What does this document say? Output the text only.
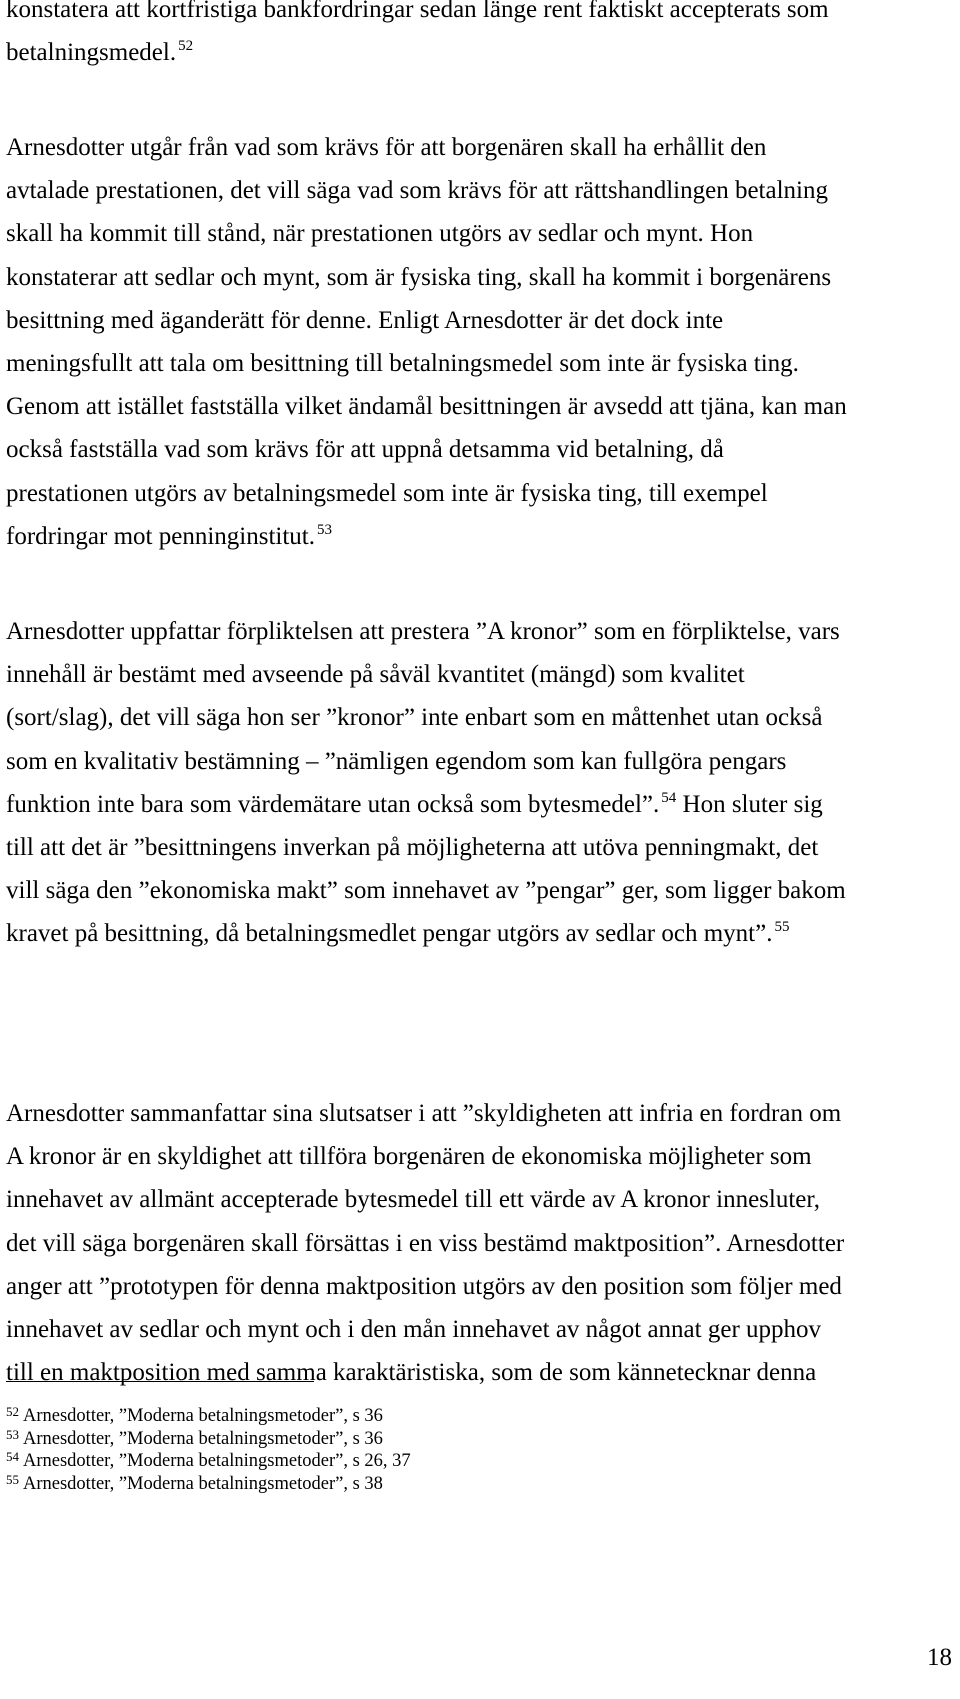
konstatera att kortfristiga bankfordringar sedan länge rent faktiskt accepterats som
betalningsmedel. $^{52}$
Arnesdotter utgår från vad som krävs för att borgenären skall ha erhållit den
avtalade prestationen, det vill säga vad som krävs för att rättshandlingen betalning
skall ha kommit till stånd, när prestationen utgörs av sedlar och mynt. Hon
konstaterar att sedlar och mynt, som är fysiska ting, skall ha kommit i borgenärens
besittning med äganderätt för denne. Enligt Arnesdotter är det dock inte
meningsfullt att tala om besittning till betalningsmedel som inte är fysiska ting.
Genom att istället fastställa vilket ändamål besittningen är avsedd att tjäna, kan man
också fastställa vad som krävs för att uppnå detsamma vid betalning, då
prestationen utgörs av betalningsmedel som inte är fysiska ting, till exempel
fordringar mot penninginstitut. $^{53}$
Arnesdotter uppfattar förpliktelsen att prestera ”A kronor” som en förpliktelse, vars
innehåll är bestämt med avseende på såväl kvantitet (mängd) som kvalitet
(sort/slag), det vill säga hon ser ”kronor” inte enbart som en måttenhet utan också
som en kvalitativ bestämning – ”nämligen egendom som kan fullgöra pengars
funktion inte bara som värdemätare utan också som bytesmedel”. $^{54}$ Hon sluter sig
till att det är ”besittningens inverkan på möjligheterna att utöva penningmakt, det
vill säga den ”ekonomiska makt” som innehavet av ”pengar” ger, som ligger bakom
kravet på besittning, då betalningsmedlet pengar utgörs av sedlar och mynt”. $^{55}$
Arnesdotter sammanfattar sina slutsatser i att ”skyldigheten att infria en fordran om
A kronor är en skyldighet att tillföra borgenären de ekonomiska möjligheter som
innehavet av allmänt accepterade bytesmedel till ett värde av A kronor innesluter,
det vill säga borgenären skall försättas i en viss bestämd maktposition”. Arnesdotter
anger att ”prototypen för denna maktposition utgörs av den position som följer med
innehavet av sedlar och mynt och i den mån innehavet av något annat ger upphov
till en maktposition med samma karaktäristiska, som de som kännetecknar denna
$^{52}$ Arnesdotter, ”Moderna betalningsmetoder”, s 36
$^{53}$ Arnesdotter, ”Moderna betalningsmetoder”, s 36
$^{54}$ Arnesdotter, ”Moderna betalningsmetoder”, s 26, 37
$^{55}$ Arnesdotter, ”Moderna betalningsmetoder”, s 38
18
